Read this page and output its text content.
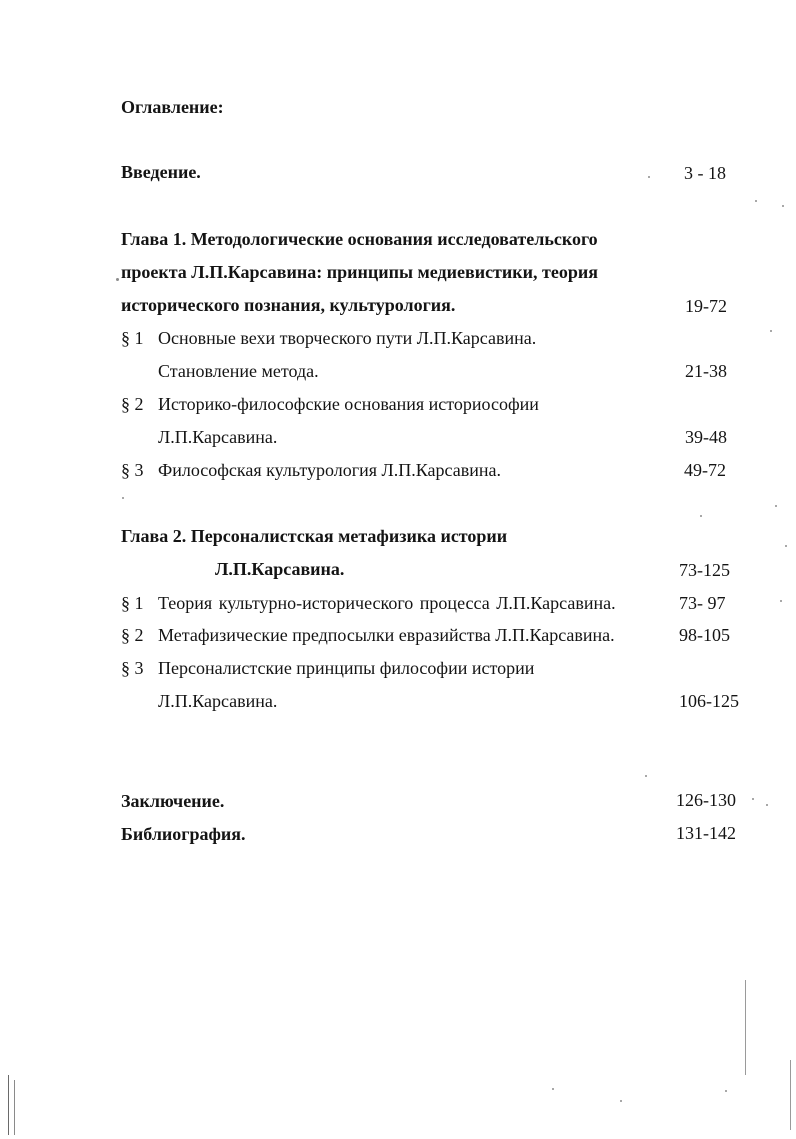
Оглавление:
Введение.	3 - 18
Глава 1. Методологические основания исследовательского
проекта Л.П.Карсавина: принципы медиевистики, теория
исторического познания, культурология.	19-72
§ 1 Основные вехи творческого пути Л.П.Карсавина.
Становление метода.	21-38
§ 2 Историко-философские основания историософии
Л.П.Карсавина.	39-48
§ 3 Философская культурология Л.П.Карсавина.	49-72
Глава 2. Персоналистская метафизика истории
Л.П.Карсавина.	73-125
§ 1 Теория культурно-исторического процесса Л.П.Карсавина.	73- 97
§ 2 Метафизические предпосылки евразийства Л.П.Карсавина.	98-105
§ 3 Персоналистские принципы философии истории
Л.П.Карсавина.	106-125
Заключение.	126-130
Библиография.	131-142
